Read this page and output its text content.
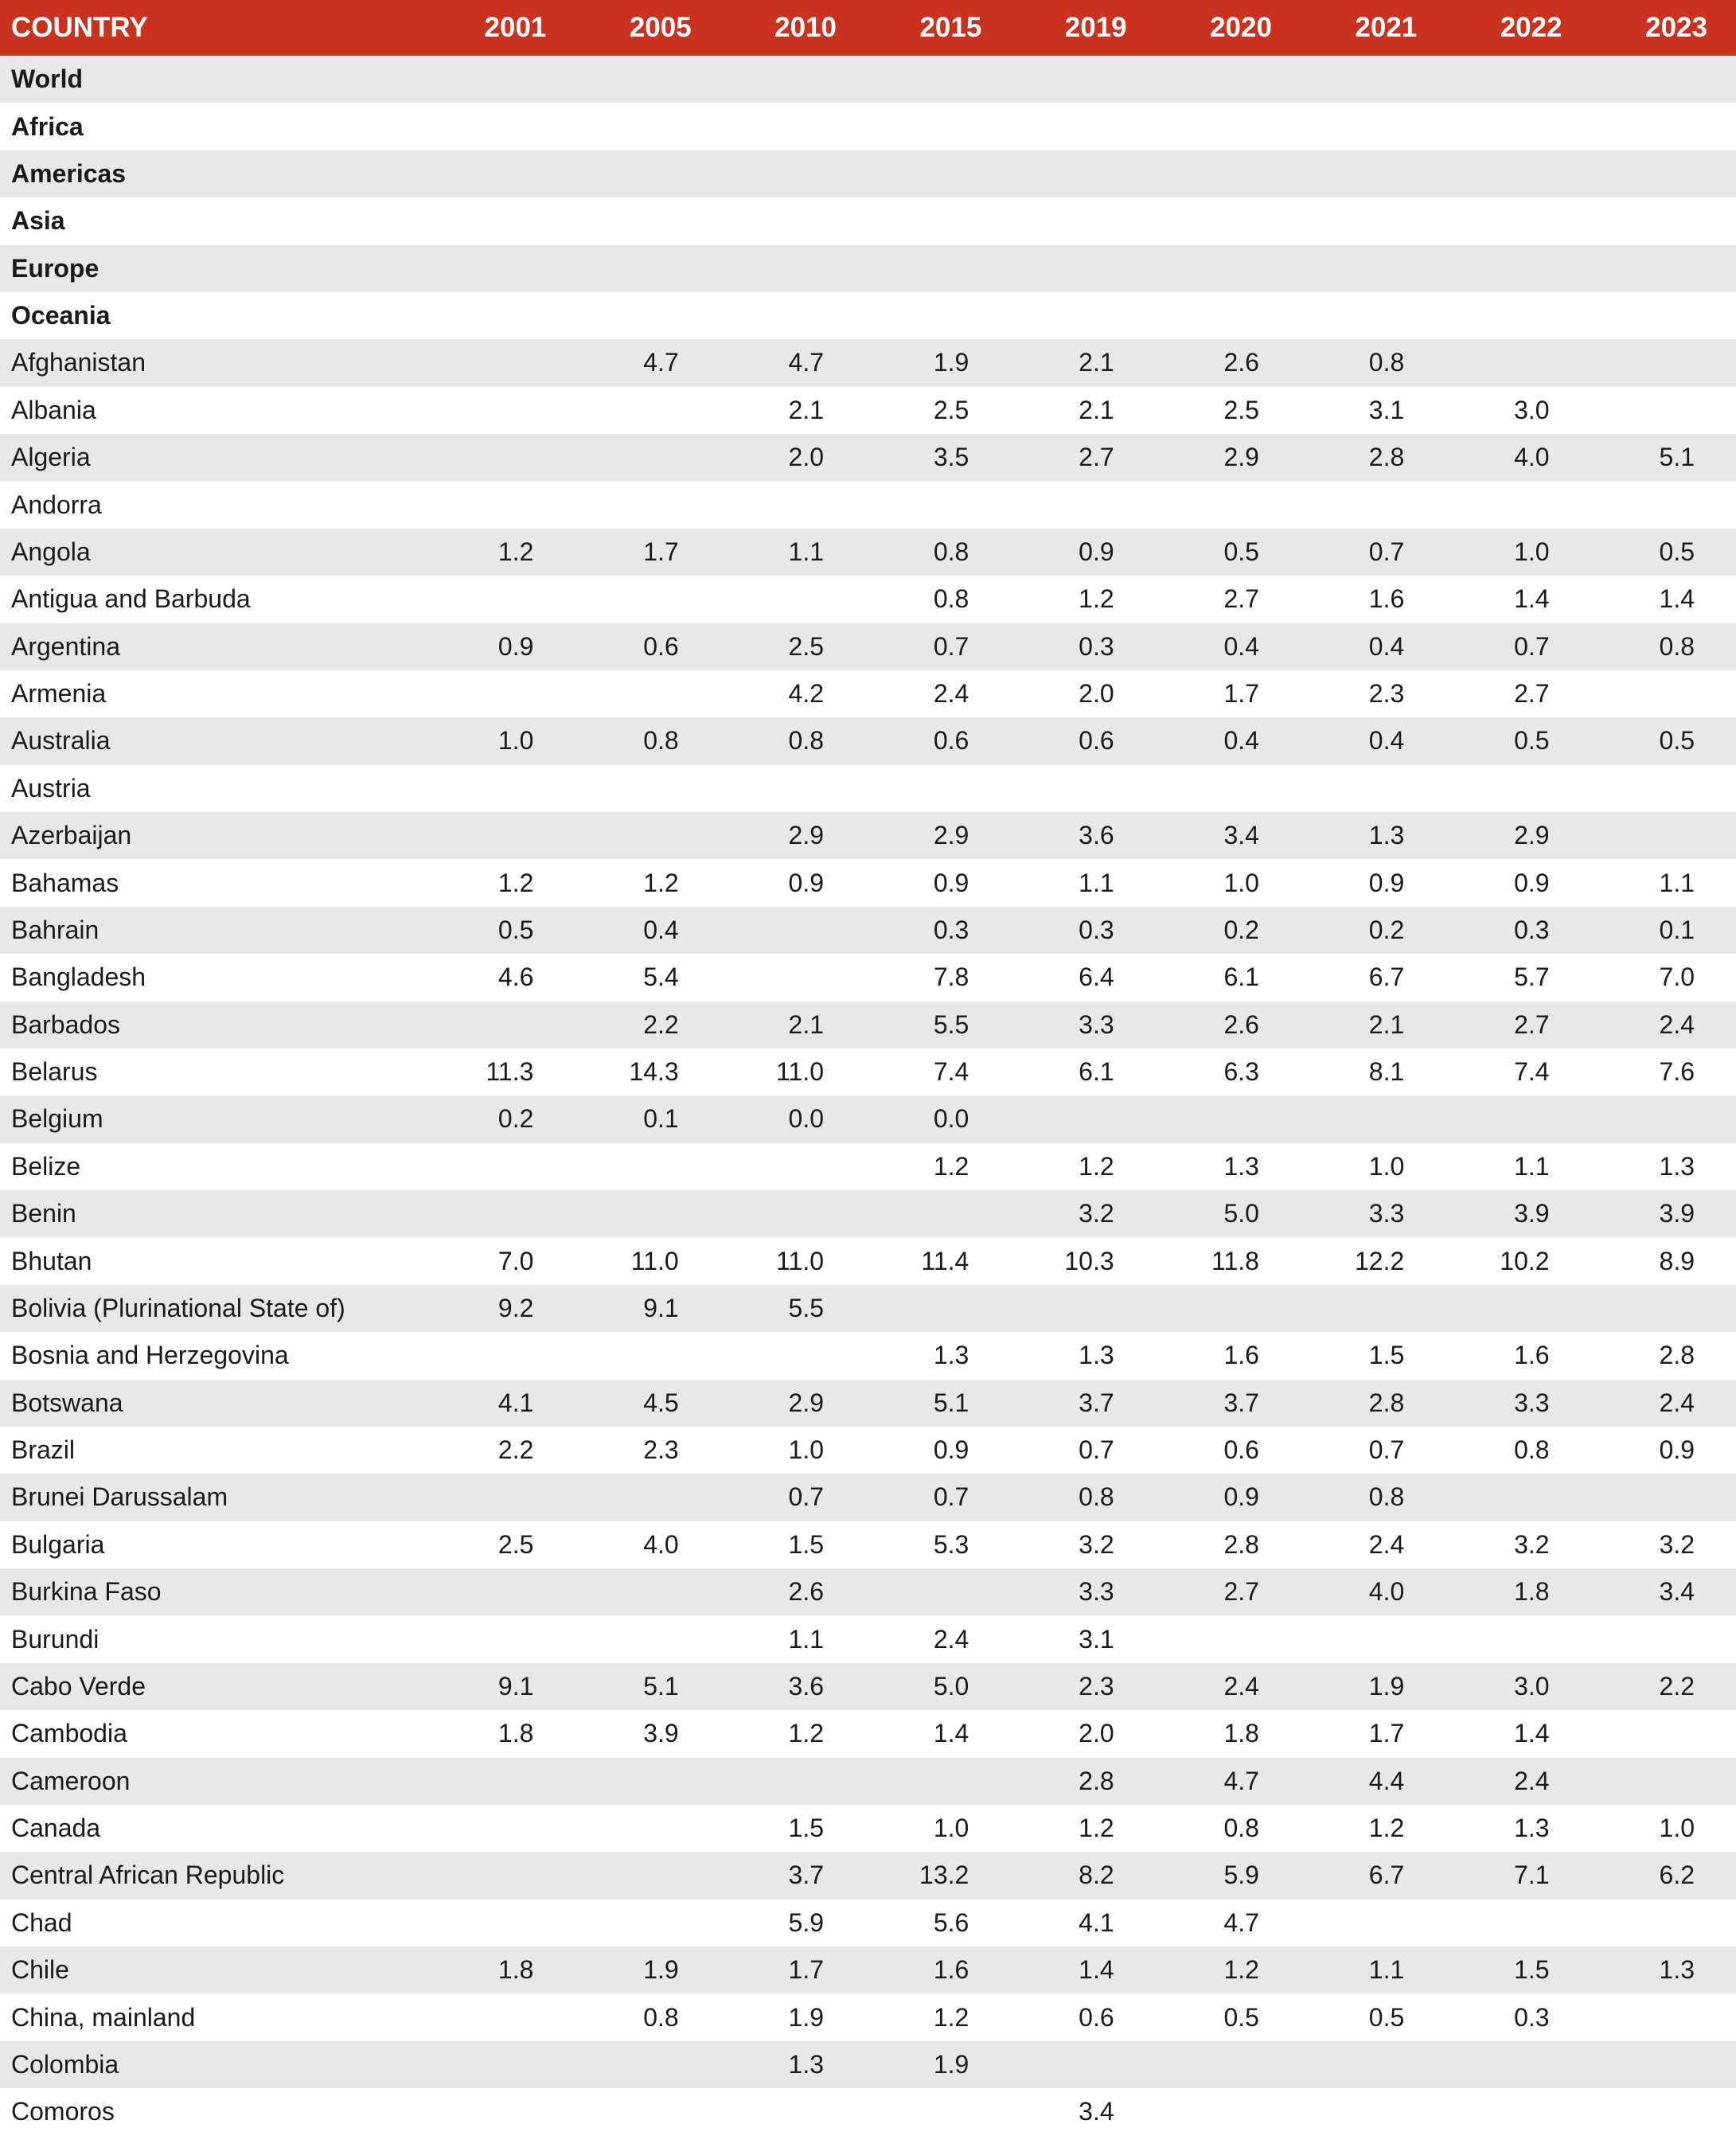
COUNTRY	2001	2005	2010	2015	2019	2020	2021	2022	2023
World									
Africa									
Americas									
Asia									
Europe									
Oceania									
Afghanistan		4.7	4.7	1.9	2.1	2.6	0.8		
Albania			2.1	2.5	2.1	2.5	3.1	3.0	
Algeria			2.0	3.5	2.7	2.9	2.8	4.0	5.1
Andorra									
Angola	1.2	1.7	1.1	0.8	0.9	0.5	0.7	1.0	0.5
Antigua and Barbuda				0.8	1.2	2.7	1.6	1.4	1.4
Argentina	0.9	0.6	2.5	0.7	0.3	0.4	0.4	0.7	0.8
Armenia			4.2	2.4	2.0	1.7	2.3	2.7	
Australia	1.0	0.8	0.8	0.6	0.6	0.4	0.4	0.5	0.5
Austria									
Azerbaijan			2.9	2.9	3.6	3.4	1.3	2.9	
Bahamas	1.2	1.2	0.9	0.9	1.1	1.0	0.9	0.9	1.1
Bahrain	0.5	0.4		0.3	0.3	0.2	0.2	0.3	0.1
Bangladesh	4.6	5.4		7.8	6.4	6.1	6.7	5.7	7.0
Barbados		2.2	2.1	5.5	3.3	2.6	2.1	2.7	2.4
Belarus	11.3	14.3	11.0	7.4	6.1	6.3	8.1	7.4	7.6
Belgium	0.2	0.1	0.0	0.0					
Belize				1.2	1.2	1.3	1.0	1.1	1.3
Benin					3.2	5.0	3.3	3.9	3.9
Bhutan	7.0	11.0	11.0	11.4	10.3	11.8	12.2	10.2	8.9
Bolivia (Plurinational State of)	9.2	9.1	5.5						
Bosnia and Herzegovina				1.3	1.3	1.6	1.5	1.6	2.8
Botswana	4.1	4.5	2.9	5.1	3.7	3.7	2.8	3.3	2.4
Brazil	2.2	2.3	1.0	0.9	0.7	0.6	0.7	0.8	0.9
Brunei Darussalam			0.7	0.7	0.8	0.9	0.8		
Bulgaria	2.5	4.0	1.5	5.3	3.2	2.8	2.4	3.2	3.2
Burkina Faso			2.6		3.3	2.7	4.0	1.8	3.4
Burundi			1.1	2.4	3.1				
Cabo Verde	9.1	5.1	3.6	5.0	2.3	2.4	1.9	3.0	2.2
Cambodia	1.8	3.9	1.2	1.4	2.0	1.8	1.7	1.4	
Cameroon					2.8	4.7	4.4	2.4	
Canada			1.5	1.0	1.2	0.8	1.2	1.3	1.0
Central African Republic			3.7	13.2	8.2	5.9	6.7	7.1	6.2
Chad			5.9	5.6	4.1	4.7			
Chile	1.8	1.9	1.7	1.6	1.4	1.2	1.1	1.5	1.3
China, mainland		0.8	1.9	1.2	0.6	0.5	0.5	0.3	
Colombia			1.3	1.9					
Comoros					3.4				
